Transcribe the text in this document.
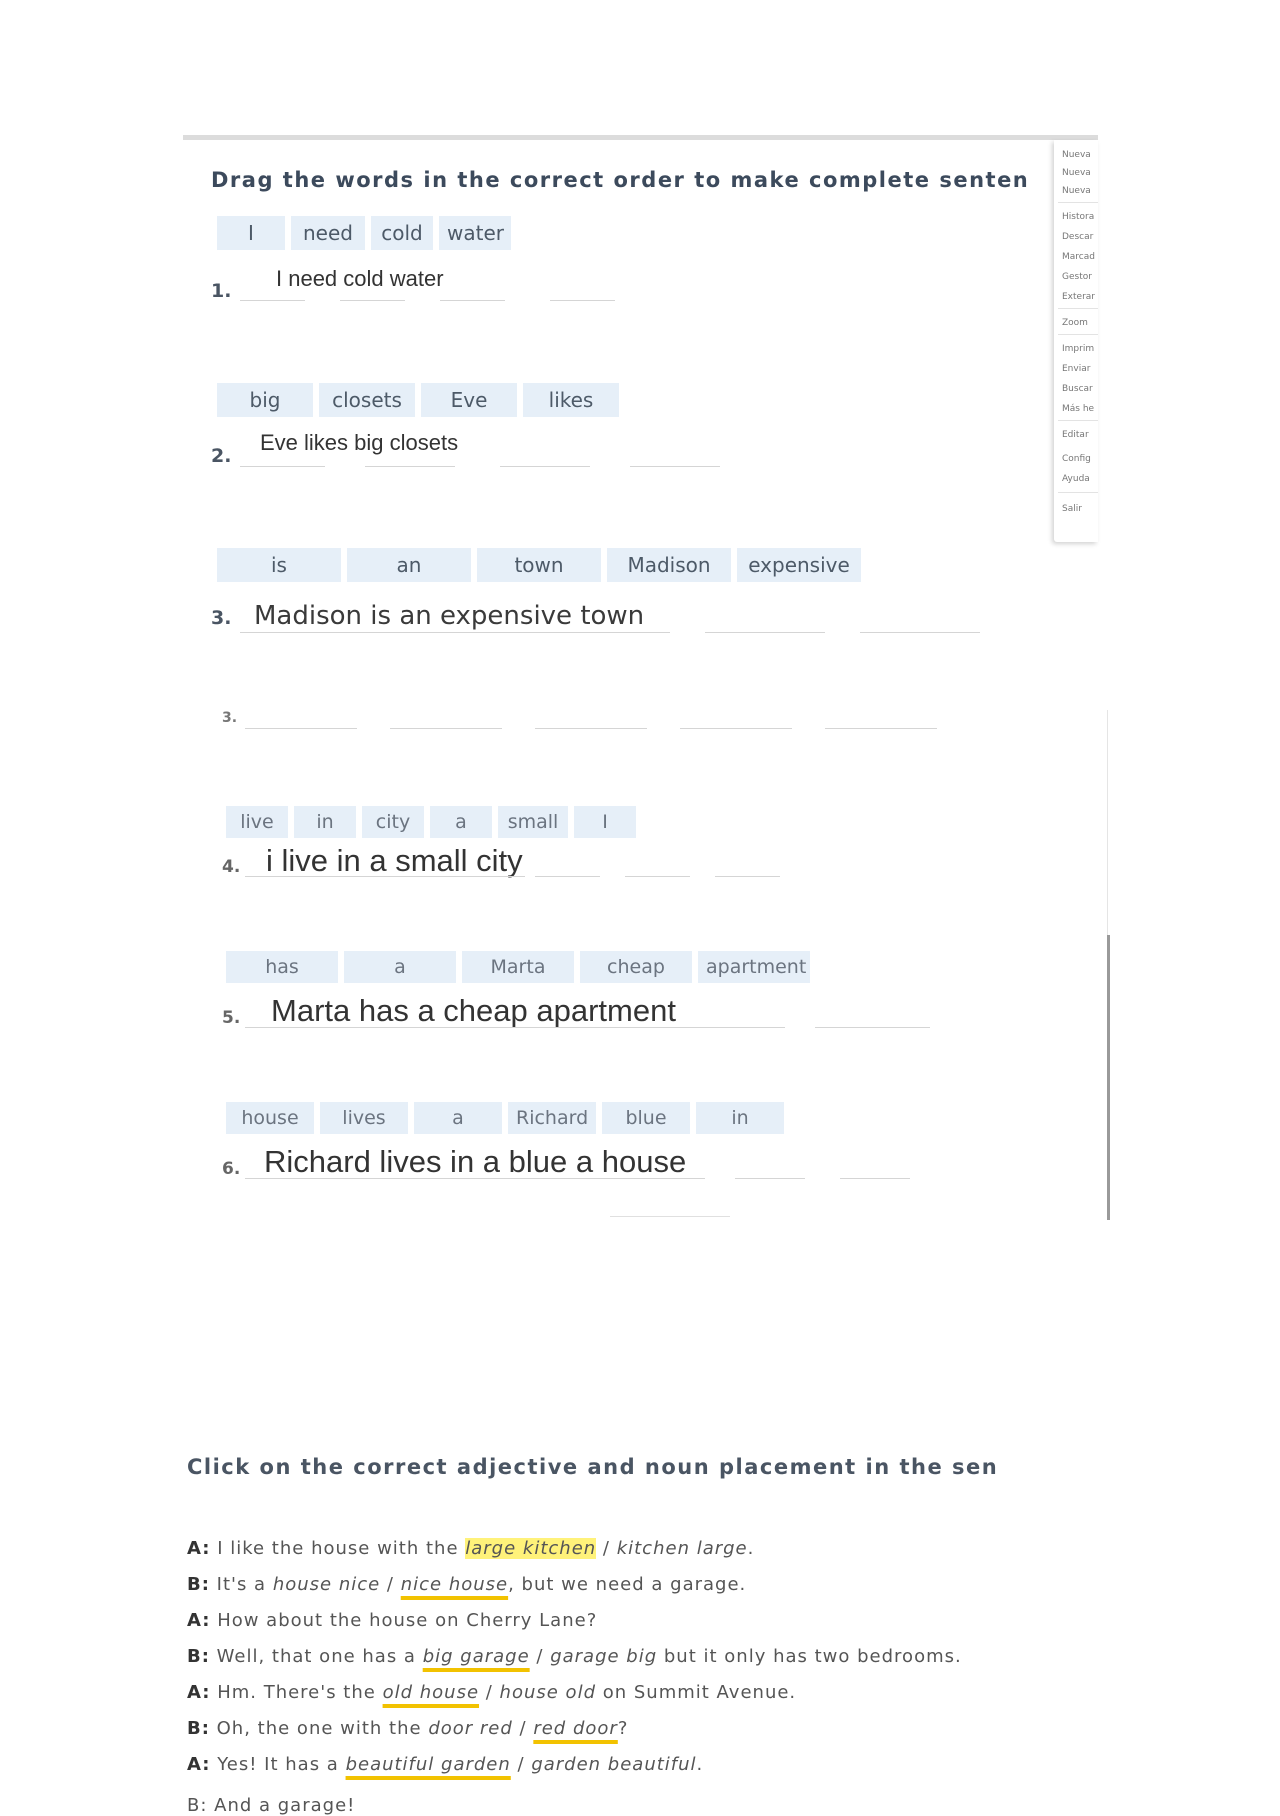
Drag the words in the correct order to make complete senten
I	need	cold	water
1. I need cold water
big	closets	Eve	likes
2.
Eve likes big closets
is	an	town	Madison	expensive
3. Madison is an expensive town
3.
live	in	city	a	small	I
4. i live in a small city
has	a	Marta	cheap	apartment
5. Marta has a cheap apartment
house	lives	a	Richard	blue	in
6. Richard lives in a blue a house
Nueva
Nueva
Nueva
Histora
Descar
Marcad
Gestor
Exterar
Zoom
Imprim
Enviar
Buscar
Más he
Editar
Config
Ayuda
Salir
Click on the correct adjective and noun placement in the sen
A: I like the house with the large kitchen / kitchen large.
B: It's a house nice / nice house, but we need a garage.
A: How about the house on Cherry Lane?
B: Well, that one has a big garage / garage big but it only has two bedrooms.
A: Hm. There's the old house / house old on Summit Avenue.
B: Oh, the one with the door red / red door?
A: Yes! It has a beautiful garden / garden beautiful.
B: And a garage!
